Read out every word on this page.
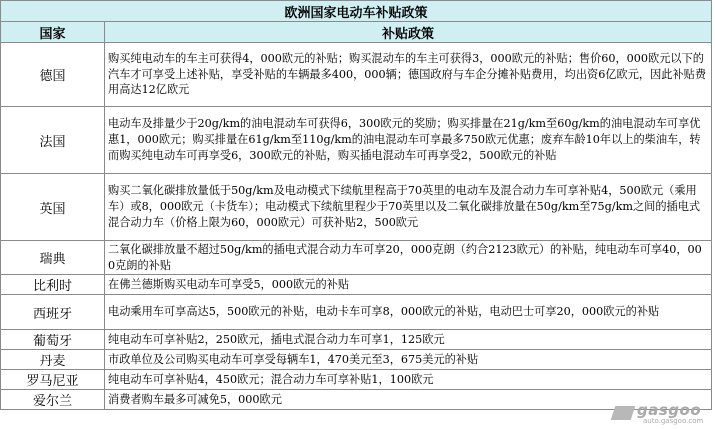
欧洲国家电动车补贴政策	
国家	补贴政策
德国	购买纯电动车的车主可获得4，000欧元的补贴；购买混动车的车主可获得3，000欧元的补贴；售价60，000欧元以下的汽车才可享受上述补贴，享受补贴的车辆最多400，000辆；德国政府与车企分摊补贴费用，均出资6亿欧元，因此补贴费用高达12亿欧元
法国	电动车及排量少于20g/km的油电混动车可获得6，300欧元的奖励；购买排量在21g/km至60g/km的油电混动车可享优惠1，000欧元；购买排量在61g/km至110g/km的油电混动车可享最多750欧元优惠；废弃车龄10年以上的柴油车，转而购买纯电动车可再享受6，300欧元的补贴，购买插电混动车可再享受2，500欧元的补贴
英国	购买二氧化碳排放量低于50g/km及电动模式下续航里程高于70英里的电动车及混合动力车可享补贴4，500欧元（乘用车）或8，000欧元（卡货车）；电动模式下续航里程少于70英里以及二氧化碳排放量在50g/km至75g/km之间的插电式混合动力车（价格上限为60，000欧元）可获补贴2，500欧元
瑞典	二氧化碳排放量不超过50g/km的插电式混合动力车可享20，000克朗（约合2123欧元）的补贴，纯电动车可享40，000克朗的补贴
比利时	在佛兰德斯购买电动车可享受5，000欧元的补贴
西班牙	电动乘用车可享高达5，500欧元的补贴，电动卡车可享8，000欧元的补贴，电动巴士可享20，000欧元的补贴
葡萄牙	纯电动车可享补贴2，250欧元，插电式混合动力车可享1，125欧元
丹麦	市政单位及公司购买电动车可享受每辆车1，470美元至3，675美元的补贴
罗马尼亚	纯电动车可享补贴4，450欧元；混合动力车可享补贴1，100欧元
爱尔兰	消费者购车最多可减免5，000欧元
gasgoo
auto.gasgoo.com
